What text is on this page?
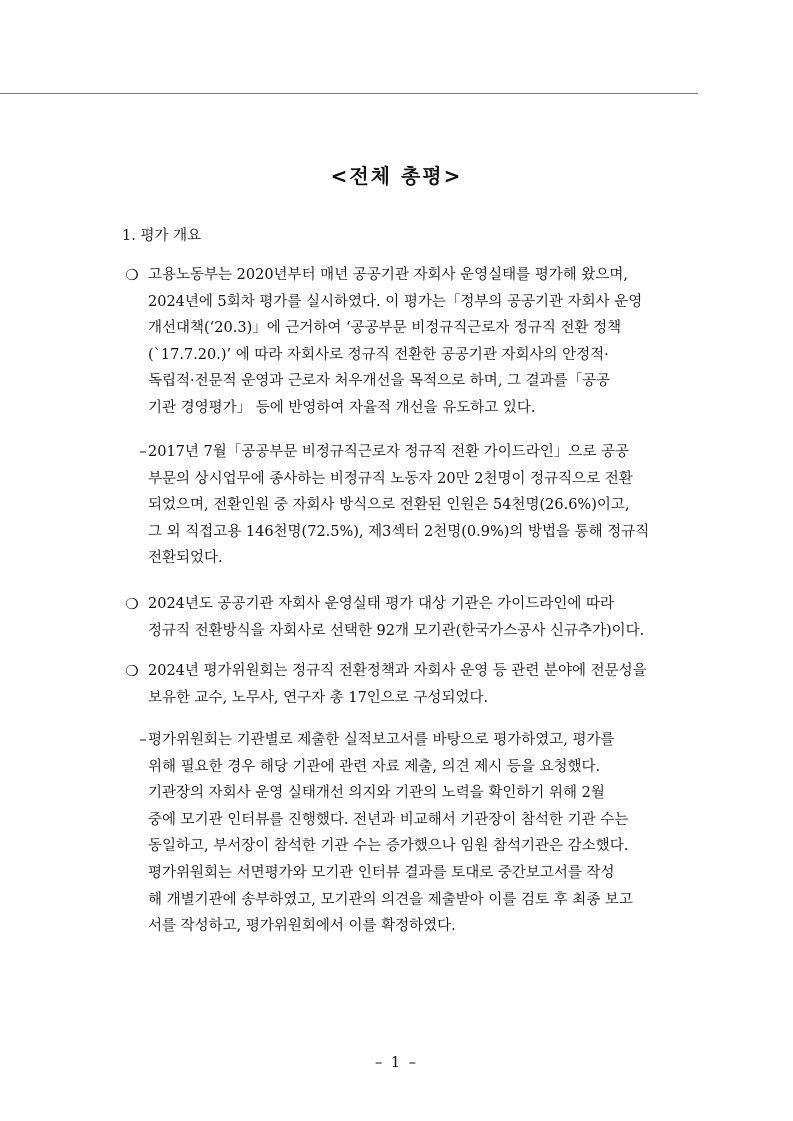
<전체 총평>
1. 평가 개요
❍ 고용노동부는 2020년부터 매년 공공기관 자회사 운영실태를 평가해 왔으며,
2024년에 5회차 평가를 실시하였다. 이 평가는「정부의 공공기관 자회사 운영
개선대책(‘20.3)」에 근거하여 ‘공공부문 비정규직근로자 정규직 전환 정책
(`17.7.20.)’ 에 따라 자회사로 정규직 전환한 공공기관 자회사의 안정적·
독립적·전문적 운영과 근로자 처우개선을 목적으로 하며, 그 결과를「공공
기관 경영평가」 등에 반영하여 자율적 개선을 유도하고 있다.
– 2017년 7월「공공부문 비정규직근로자 정규직 전환 가이드라인」으로 공공
부문의 상시업무에 종사하는 비정규직 노동자 20만 2천명이 정규직으로 전환
되었으며, 전환인원 중 자회사 방식으로 전환된 인원은 54천명(26.6%)이고,
그 외 직접고용 146천명(72.5%), 제3섹터 2천명(0.9%)의 방법을 통해 정규직
전환되었다.
❍ 2024년도 공공기관 자회사 운영실태 평가 대상 기관은 가이드라인에 따라
정규직 전환방식을 자회사로 선택한 92개 모기관(한국가스공사 신규추가)이다.
❍ 2024년 평가위원회는 정규직 전환정책과 자회사 운영 등 관련 분야에 전문성을
보유한 교수, 노무사, 연구자 총 17인으로 구성되었다.
– 평가위원회는 기관별로 제출한 실적보고서를 바탕으로 평가하였고, 평가를
위해 필요한 경우 해당 기관에 관련 자료 제출, 의견 제시 등을 요청했다.
기관장의 자회사 운영 실태개선 의지와 기관의 노력을 확인하기 위해 2월
중에 모기관 인터뷰를 진행했다. 전년과 비교해서 기관장이 참석한 기관 수는
동일하고, 부서장이 참석한 기관 수는 증가했으나 임원 참석기관은 감소했다.
평가위원회는 서면평가와 모기관 인터뷰 결과를 토대로 중간보고서를 작성
해 개별기관에 송부하였고, 모기관의 의견을 제출받아 이를 검토 후 최종 보고
서를 작성하고, 평가위원회에서 이를 확정하였다.
– 1 –
